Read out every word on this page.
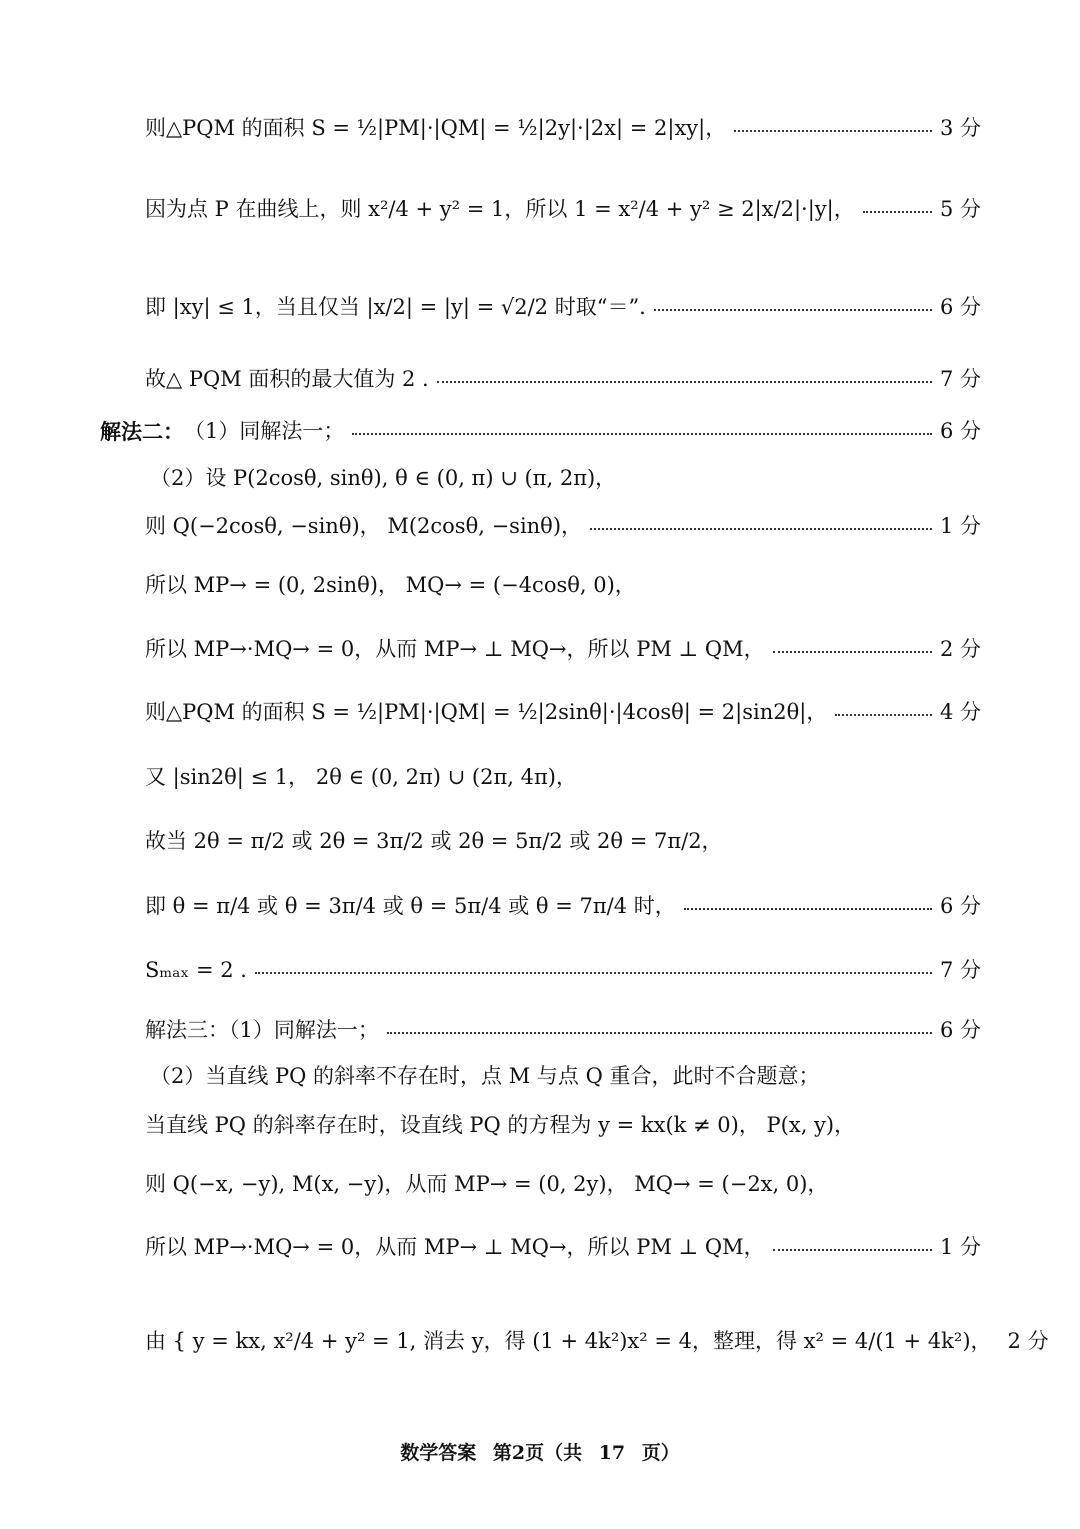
则△PQM 的面积 S = ½|PM|·|QM| = ½|2y|·|2x| = 2|xy|，	3 分
因为点 P 在曲线上，则 x²/4 + y² = 1，所以 1 = x²/4 + y² ≥ 2|x/2|·|y|，	5 分
即 |xy| ≤ 1，当且仅当 |x/2| = |y| = √2/2 时取“＝”.	6 分
故△ PQM 面积的最大值为 2 .	7 分
解法二： （1）同解法一；	6 分
（2）设 P(2cosθ, sinθ), θ ∈ (0, π) ∪ (π, 2π)，
则 Q(−2cosθ, −sinθ)， M(2cosθ, −sinθ)，	1 分
所以 MP→ = (0, 2sinθ)， MQ→ = (−4cosθ, 0)，
所以 MP→·MQ→ = 0，从而 MP→ ⊥ MQ→，所以 PM ⊥ QM，	2 分
则△PQM 的面积 S = ½|PM|·|QM| = ½|2sinθ|·|4cosθ| = 2|sin2θ|，	4 分
又 |sin2θ| ≤ 1， 2θ ∈ (0, 2π) ∪ (2π, 4π)，
故当 2θ = π/2 或 2θ = 3π/2 或 2θ = 5π/2 或 2θ = 7π/2，
即 θ = π/4 或 θ = 3π/4 或 θ = 5π/4 或 θ = 7π/4 时，	6 分
Sₘₐₓ = 2 .	7 分
解法三：（1）同解法一；	6 分
（2）当直线 PQ 的斜率不存在时，点 M 与点 Q 重合，此时不合题意；
当直线 PQ 的斜率存在时，设直线 PQ 的方程为 y = kx(k ≠ 0)， P(x, y)，
则 Q(−x, −y), M(x, −y)，从而 MP→ = (0, 2y)， MQ→ = (−2x, 0)，
所以 MP→·MQ→ = 0，从而 MP→ ⊥ MQ→，所以 PM ⊥ QM，	1 分
由 { y = kx, x²/4 + y² = 1, 消去 y，得 (1 + 4k²)x² = 4，整理，得 x² = 4/(1 + 4k²)， 2 分
数学答案 第2页（共 17 页）
